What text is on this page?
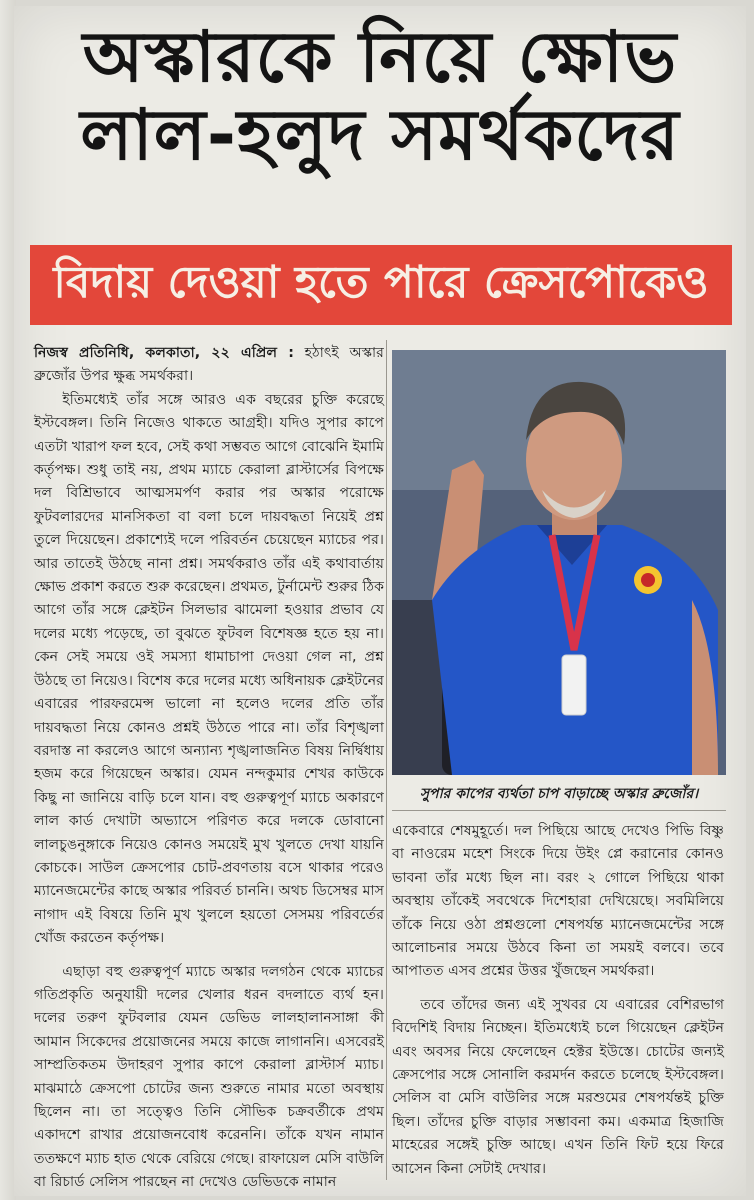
অস্কারকে নিয়ে ক্ষোভ
লাল-হলুদ সমর্থকদের
বিদায় দেওয়া হতে পারে ক্রেসপোকেও

নিজস্ব প্রতিনিধি, কলকাতা, ২২ এপ্রিল : হঠাৎই অস্কার ব্রুজোঁর উপর ক্ষুব্ধ সমর্থকরা।

ইতিমধ্যেই তাঁর সঙ্গে আরও এক বছরের চুক্তি করেছে ইস্টবেঙ্গল। তিনি নিজেও থাকতে আগ্রহী। যদিও সুপার কাপে এতটা খারাপ ফল হবে, সেই কথা সম্ভবত আগে বোঝেনি ইমামি কর্তৃপক্ষ। শুধু তাই নয়, প্রথম ম্যাচে কেরালা ব্লাস্টার্সের বিপক্ষে দল বিশ্রিভাবে আত্মসমর্পণ করার পর অস্কার পরোক্ষে ফুটবলারদের মানসিকতা বা বলা চলে দায়বদ্ধতা নিয়েই প্রশ্ন তুলে দিয়েছেন। প্রকাশ্যেই দলে পরিবর্তন চেয়েছেন ম্যাচের পর। আর তাতেই উঠছে নানা প্রশ্ন। সমর্থকরাও তাঁর এই কথাবার্তায় ক্ষোভ প্রকাশ করতে শুরু করেছেন। প্রথমত, টুর্নামেন্ট শুরুর ঠিক আগে তাঁর সঙ্গে ক্লেইটন সিলভার ঝামেলা হওয়ার প্রভাব যে দলের মধ্যে পড়েছে, তা বুঝতে ফুটবল বিশেষজ্ঞ হতে হয় না। কেন সেই সময়ে ওই সমস্যা ধামাচাপা দেওয়া গেল না, প্রশ্ন উঠছে তা নিয়েও। বিশেষ করে দলের মধ্যে অধিনায়ক ক্লেইটনের এবারের পারফরমেন্স ভালো না হলেও দলের প্রতি তাঁর দায়বদ্ধতা নিয়ে কোনও প্রশ্নই উঠতে পারে না। তাঁর বিশৃঙ্খলা বরদাস্ত না করলেও আগে অন্যান্য শৃঙ্খলাজনিত বিষয় নির্দ্বিধায় হজম করে গিয়েছেন অস্কার। যেমন নন্দকুমার শেখর কাউকে কিছু না জানিয়ে বাড়ি চলে যান। বহু গুরুত্বপূর্ণ ম্যাচে অকারণে লাল কার্ড দেখাটা অভ্যাসে পরিণত করে দলকে ডোবানো লালচুঙনুঙ্গাকে নিয়েও কোনও সময়েই মুখ খুলতে দেখা যায়নি কোচকে। সাউল ক্রেসপোর চোট-প্রবণতায় বসে থাকার পরেও ম্যানেজমেন্টের কাছে অস্কার পরিবর্ত চাননি। অথচ ডিসেম্বর মাস নাগাদ এই বিষয়ে তিনি মুখ খুললে হয়তো সেসময় পরিবর্তের খোঁজ করতেন কর্তৃপক্ষ।

এছাড়া বহু গুরুত্বপূর্ণ ম্যাচে অস্কার দলগঠন থেকে ম্যাচের গতিপ্রকৃতি অনুযায়ী দলের খেলার ধরন বদলাতে ব্যর্থ হন। দলের তরুণ ফুটবলার যেমন ডেভিড লালহালানসাঙ্গা কী আমান সিকেদের প্রয়োজনের সময়ে কাজে লাগাননি। এসবেরই সাম্প্রতিকতম উদাহরণ সুপার কাপে কেরালা ব্লাস্টার্স ম্যাচ। মাঝমাঠে ক্রেসপো চোটের জন্য শুরুতে নামার মতো অবস্থায় ছিলেন না। তা সত্ত্বেও তিনি সৌভিক চক্রবর্তীকে প্রথম একাদশে রাখার প্রয়োজনবোধ করেননি। তাঁকে যখন নামান ততক্ষণে ম্যাচ হাত থেকে বেরিয়ে গেছে। রাফায়েল মেসি বাউলি বা রিচার্ড সেলিস পারছেন না দেখেও ডেভিডকে নামান

সুপার কাপের ব্যর্থতা চাপ বাড়াচ্ছে অস্কার ব্রুজোঁর।

একেবারে শেষমুহূর্তে। দল পিছিয়ে আছে দেখেও পিভি বিষ্ণু বা নাওরেম মহেশ সিংকে দিয়ে উইং প্লে করানোর কোনও ভাবনা তাঁর মধ্যে ছিল না। বরং ২ গোলে পিছিয়ে থাকা অবস্থায় তাঁকেই সবথেকে দিশেহারা দেখিয়েছে। সবমিলিয়ে তাঁকে নিয়ে ওঠা প্রশ্নগুলো শেষপর্যন্ত ম্যানেজমেন্টের সঙ্গে আলোচনার সময়ে উঠবে কিনা তা সময়ই বলবে। তবে আপাতত এসব প্রশ্নের উত্তর খুঁজছেন সমর্থকরা।

তবে তাঁদের জন্য এই সুখবর যে এবারের বেশিরভাগ বিদেশিই বিদায় নিচ্ছেন। ইতিমধ্যেই চলে গিয়েছেন ক্লেইটন এবং অবসর নিয়ে ফেলেছেন হেক্টর ইউস্তে। চোটের জন্যই ক্রেসপোর সঙ্গে সোনালি করমর্দন করতে চলেছে ইস্টবেঙ্গল। সেলিস বা মেসি বাউলির সঙ্গে মরশুমের শেষপর্যন্তই চুক্তি ছিল। তাঁদের চুক্তি বাড়ার সম্ভাবনা কম। একমাত্র হিজাজি মাহেরের সঙ্গেই চুক্তি আছে। এখন তিনি ফিট হয়ে ফিরে আসেন কিনা সেটাই দেখার।
